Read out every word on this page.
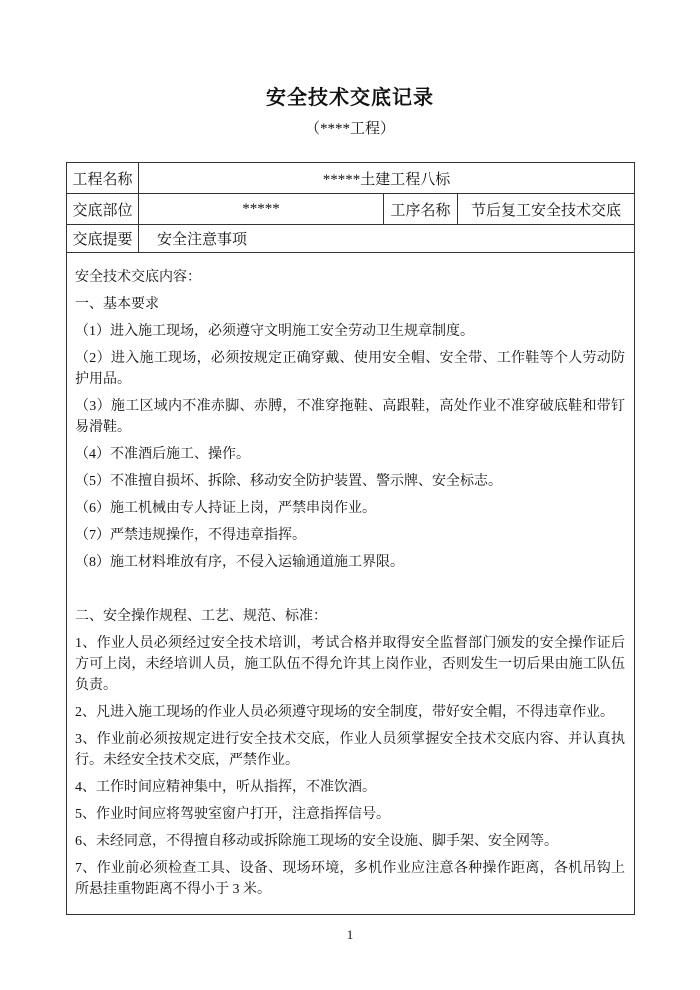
安全技术交底记录
（****工程）
工程名称	*****土建工程八标		
交底部位	*****	工序名称	节后复工安全技术交底
交底提要	安全注意事项		

安全技术交底内容：

一、基本要求

（1）进入施工现场，必须遵守文明施工安全劳动卫生规章制度。

（2）进入施工现场，必须按规定正确穿戴、使用安全帽、安全带、工作鞋等个人劳动防护用品。

（3）施工区域内不准赤脚、赤膊，不准穿拖鞋、高跟鞋，高处作业不准穿破底鞋和带钉易滑鞋。

（4）不准酒后施工、操作。

（5）不准擅自损坏、拆除、移动安全防护装置、警示牌、安全标志。

（6）施工机械由专人持证上岗，严禁串岗作业。

（7）严禁违规操作，不得违章指挥。

（8）施工材料堆放有序，不侵入运输通道施工界限。

二、安全操作规程、工艺、规范、标准：

1、作业人员必须经过安全技术培训，考试合格并取得安全监督部门颁发的安全操作证后方可上岗，未经培训人员，施工队伍不得允许其上岗作业，否则发生一切后果由施工队伍负责。

2、凡进入施工现场的作业人员必须遵守现场的安全制度，带好安全帽，不得违章作业。

3、作业前必须按规定进行安全技术交底，作业人员须掌握安全技术交底内容、并认真执行。未经安全技术交底，严禁作业。

4、工作时间应精神集中，听从指挥，不准饮酒。

5、作业时间应将驾驶室窗户打开，注意指挥信号。

6、未经同意，不得擅自移动或拆除施工现场的安全设施、脚手架、安全网等。

7、作业前必须检查工具、设备、现场环境，多机作业应注意各种操作距离，各机吊钩上所悬挂重物距离不得小于 3 米。

1
